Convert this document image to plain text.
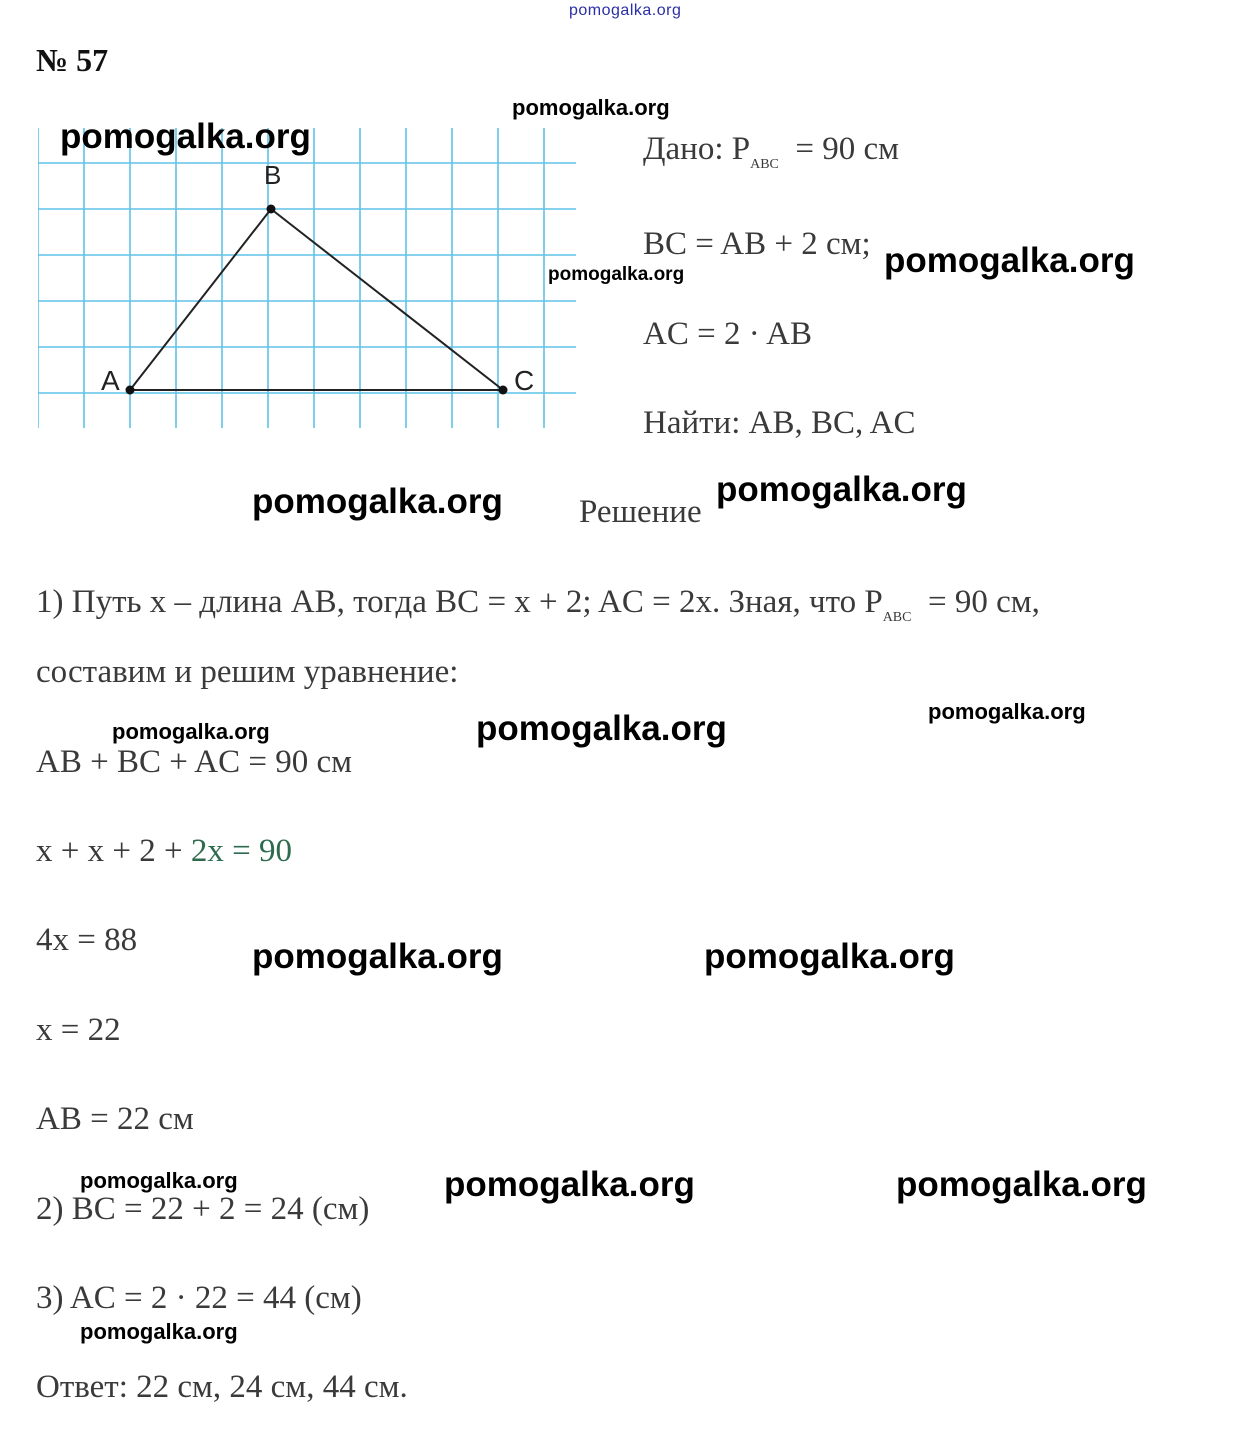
pomogalka.org
№ 57
A
B
C
Дано: $P_{ABC} = 90$ см
BC = AB + 2 см;
AC = 2 · AB
Найти: AB, BC, AC
Решение
1) Путь x – длина AB, тогда BC = x + 2; AC = 2x. Зная, что $P_{ABC} = 90$ см,
составим и решим уравнение:
AB + BC + AC = 90 см
x + x + 2 + 2x = 90
4x = 88
x = 22
AB = 22 см
2) BC = 22 + 2 = 24 (см)
3) AC = 2 · 22 = 44 (см)
Ответ: 22 см, 24 см, 44 см.
pomogalka.org
pomogalka.org
pomogalka.org	pomogalka.org
pomogalka.org	pomogalka.org
pomogalka.org
pomogalka.org	pomogalka.org
pomogalka.org	pomogalka.org
pomogalka.org	pomogalka.org	pomogalka.org
pomogalka.org
